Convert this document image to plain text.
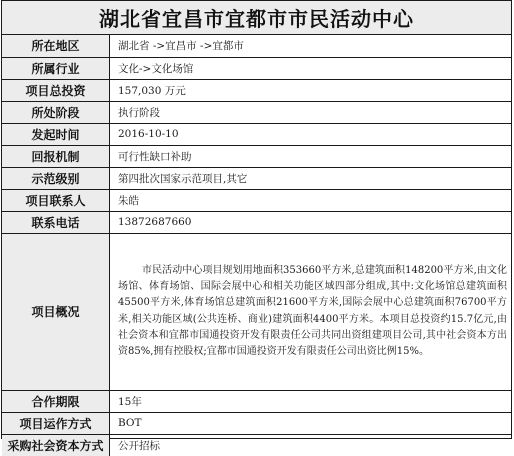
湖北省宜昌市宜都市市民活动中心
所在地区	湖北省 ->宜昌市 ->宜都市
所属行业	文化->文化场馆
项目总投资	157,030 万元
所处阶段	执行阶段
发起时间	2016-10-10
回报机制	可行性缺口补助
示范级别	第四批次国家示范项目,其它
项目联系人	朱皓
联系电话	13872687660
项目概况	市民活动中心项目规划用地面积353660平方米,总建筑面积148200平方米,由文化场馆、体育场馆、国际会展中心和相关功能区域四部分组成,其中:文化场馆总建筑面积45500平方米,体育场馆总建筑面积21600平方米,国际会展中心总建筑面积76700平方米,相关功能区域(公共连桥、商业)建筑面积4400平方米。本项目总投资约15.7亿元,由社会资本和宜都市国通投资开发有限责任公司共同出资组建项目公司,其中社会资本方出资85%,拥有控股权;宜都市国通投资开发有限责任公司出资比例15%。

合作期限	15年
项目运作方式	BOT
采购社会资本方式	公开招标
